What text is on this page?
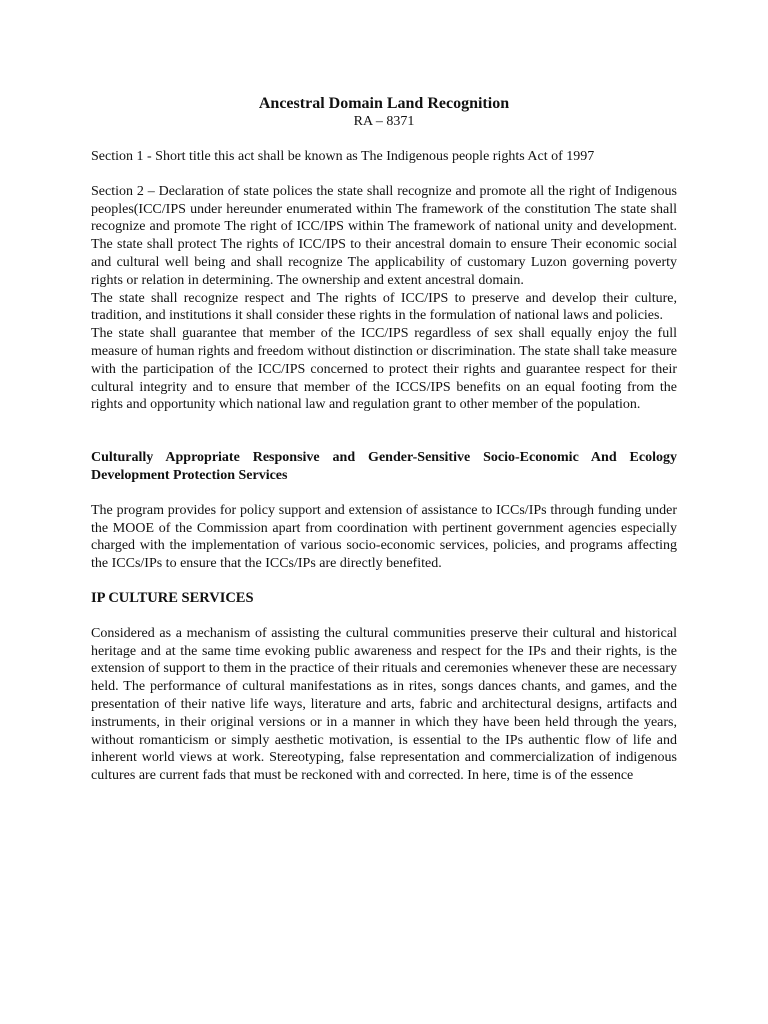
Ancestral Domain Land Recognition
RA – 8371

Section 1 - Short title this act shall be known as The Indigenous people rights Act of 1997

Section 2 – Declaration of state polices the state shall recognize and promote all the right of Indigenous peoples(ICC/IPS under hereunder enumerated within The framework of the constitution The state shall recognize and promote The right of ICC/IPS within The framework of national unity and development. The state shall protect The rights of ICC/IPS to their ancestral domain to ensure Their economic social and cultural well being and shall recognize The applicability of customary Luzon governing poverty rights or relation in determining. The ownership and extent ancestral domain.

The state shall recognize respect and The rights of ICC/IPS to preserve and develop their culture, tradition, and institutions it shall consider these rights in the formulation of national laws and policies.

The state shall guarantee that member of the ICC/IPS regardless of sex shall equally enjoy the full measure of human rights and freedom without distinction or discrimination. The state shall take measure with the participation of the ICC/IPS concerned to protect their rights and guarantee respect for their cultural integrity and to ensure that member of the ICCS/IPS benefits on an equal footing from the rights and opportunity which national law and regulation grant to other member of the population.

Culturally Appropriate Responsive and Gender-Sensitive Socio-Economic And Ecology Development Protection Services

The program provides for policy support and extension of assistance to ICCs/IPs through funding under the MOOE of the Commission apart from coordination with pertinent government agencies especially charged with the implementation of various socio-economic services, policies, and programs affecting the ICCs/IPs to ensure that the ICCs/IPs are directly benefited.

IP CULTURE SERVICES

Considered as a mechanism of assisting the cultural communities preserve their cultural and historical heritage and at the same time evoking public awareness and respect for the IPs and their rights, is the extension of support to them in the practice of their rituals and ceremonies whenever these are necessary held. The performance of cultural manifestations as in rites, songs dances chants, and games, and the presentation of their native life ways, literature and arts, fabric and architectural designs, artifacts and instruments, in their original versions or in a manner in which they have been held through the years, without romanticism or simply aesthetic motivation, is essential to the IPs authentic flow of life and inherent world views at work. Stereotyping, false representation and commercialization of indigenous cultures are current fads that must be reckoned with and corrected. In here, time is of the essence
